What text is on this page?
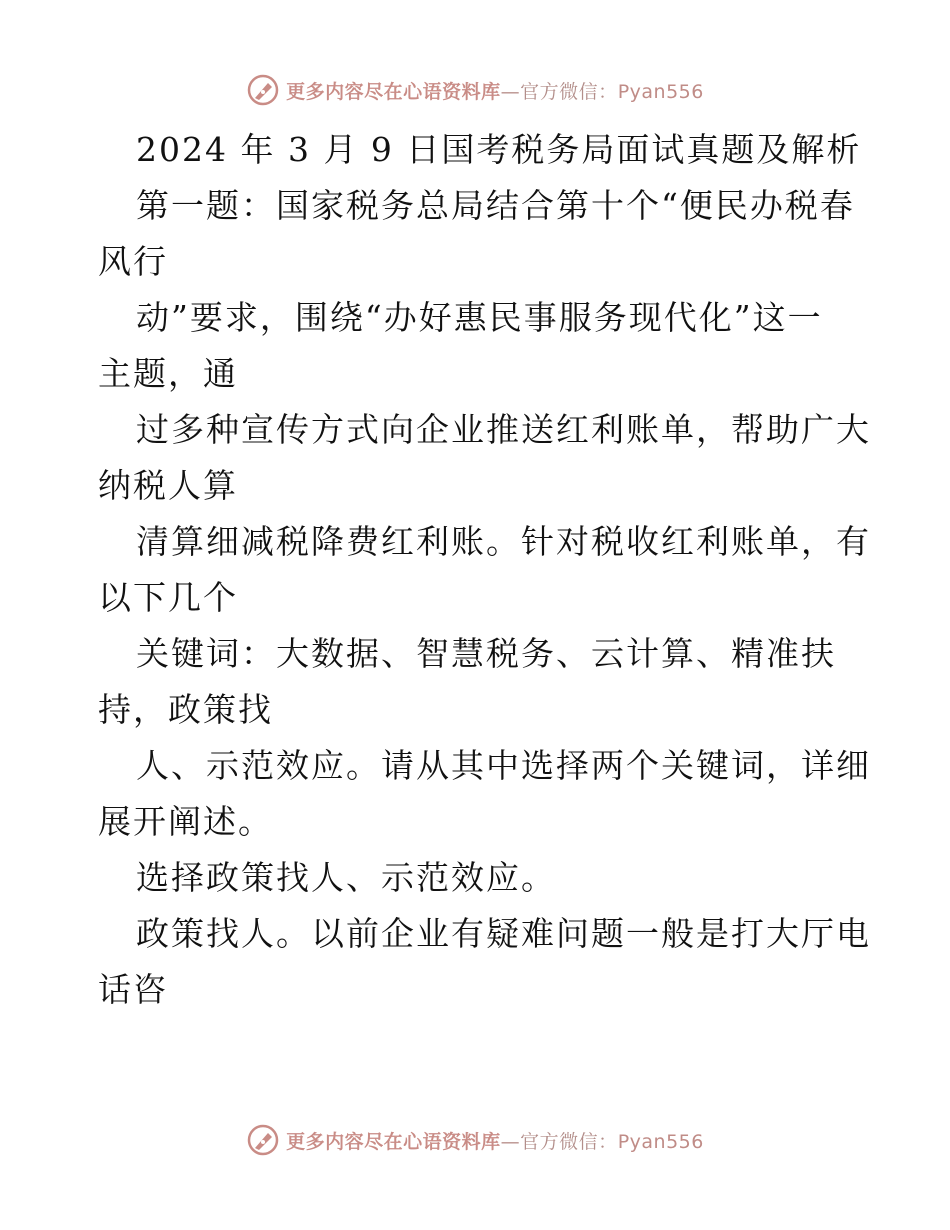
更多内容尽在心语资料库—官方微信：Pyan556
2024 年 3 月 9 日国考税务局面试真题及解析
第一题：国家税务总局结合第十个“便民办税春
风行
动”要求，围绕“办好惠民事服务现代化”这一
主题，通
过多种宣传方式向企业推送红利账单，帮助广大
纳税人算
清算细减税降费红利账。针对税收红利账单，有
以下几个
关键词：大数据、智慧税务、云计算、精准扶
持，政策找
人、示范效应。请从其中选择两个关键词，详细
展开阐述。
选择政策找人、示范效应。
政策找人。以前企业有疑难问题一般是打大厅电
话咨
更多内容尽在心语资料库—官方微信：Pyan556
